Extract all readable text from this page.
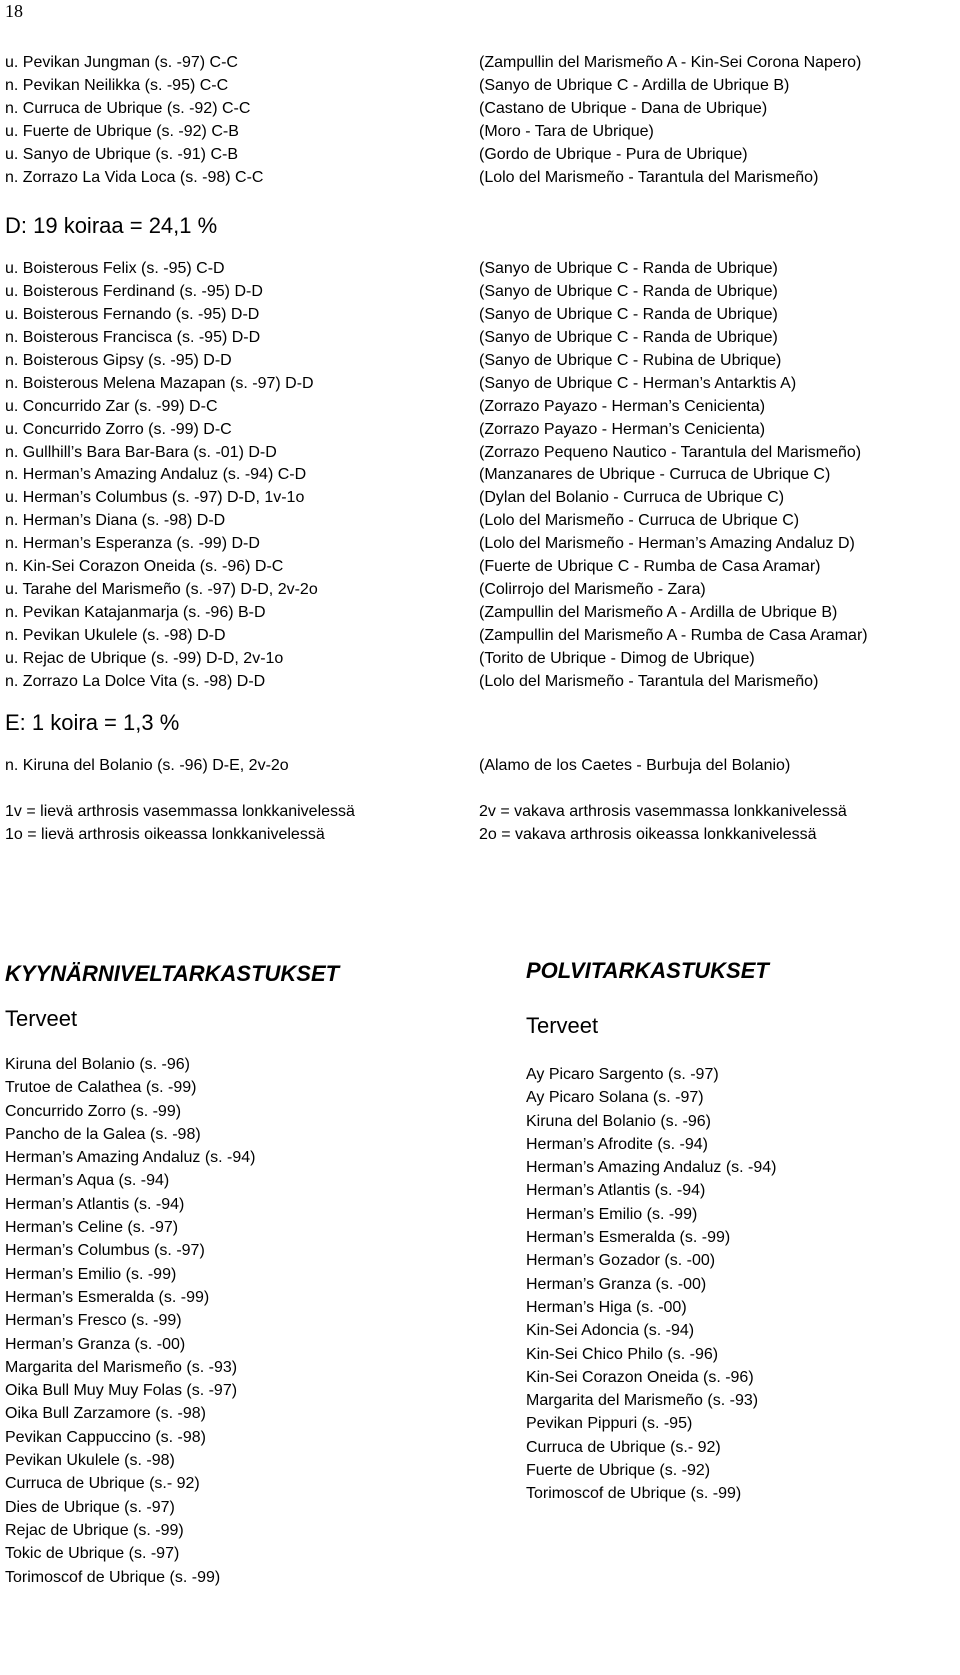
18
u. Pevikan Jungman (s. -97) C-C	(Zampullin del Marismeño A - Kin-Sei Corona Napero)
n. Pevikan Neilikka (s. -95) C-C	(Sanyo de Ubrique C - Ardilla de Ubrique B)
n. Curruca de Ubrique (s. -92) C-C	(Castano de Ubrique - Dana de Ubrique)
u. Fuerte de Ubrique (s. -92) C-B	(Moro - Tara de Ubrique)
u. Sanyo de Ubrique (s. -91) C-B	(Gordo de Ubrique - Pura de Ubrique)
n. Zorrazo La Vida Loca (s. -98) C-C	(Lolo del Marismeño - Tarantula del Marismeño)
D: 19 koiraa = 24,1 %
u. Boisterous Felix (s. -95) C-D	(Sanyo de Ubrique C - Randa de Ubrique)
u. Boisterous Ferdinand (s. -95) D-D	(Sanyo de Ubrique C - Randa de Ubrique)
u. Boisterous Fernando (s. -95) D-D	(Sanyo de Ubrique C - Randa de Ubrique)
n. Boisterous Francisca (s. -95) D-D	(Sanyo de Ubrique C - Randa de Ubrique)
n. Boisterous Gipsy (s. -95) D-D	(Sanyo de Ubrique C - Rubina de Ubrique)
n. Boisterous Melena Mazapan (s. -97) D-D	(Sanyo de Ubrique C - Herman’s Antarktis A)
u. Concurrido Zar (s. -99) D-C	(Zorrazo Payazo - Herman’s Cenicienta)
u. Concurrido Zorro (s. -99) D-C	(Zorrazo Payazo - Herman’s Cenicienta)
n. Gullhill’s Bara Bar-Bara (s. -01) D-D	(Zorrazo Pequeno Nautico - Tarantula del Marismeño)
n. Herman’s Amazing Andaluz (s. -94) C-D	(Manzanares de Ubrique - Curruca de Ubrique C)
u. Herman’s Columbus (s. -97) D-D, 1v-1o	(Dylan del Bolanio - Curruca de Ubrique C)
n. Herman’s Diana (s. -98) D-D	(Lolo del Marismeño - Curruca de Ubrique C)
n. Herman’s Esperanza (s. -99) D-D	(Lolo del Marismeño - Herman’s Amazing Andaluz D)
n. Kin-Sei Corazon Oneida (s. -96) D-C	(Fuerte de Ubrique C - Rumba de Casa Aramar)
u. Tarahe del Marismeño (s. -97) D-D, 2v-2o	(Colirrojo del Marismeño - Zara)
n. Pevikan Katajanmarja (s. -96) B-D	(Zampullin del Marismeño A - Ardilla de Ubrique B)
n. Pevikan Ukulele (s. -98) D-D	(Zampullin del Marismeño A - Rumba de Casa Aramar)
u. Rejac de Ubrique (s. -99) D-D, 2v-1o	(Torito de Ubrique - Dimog de Ubrique)
n. Zorrazo La Dolce Vita (s. -98) D-D	(Lolo del Marismeño - Tarantula del Marismeño)
E: 1 koira = 1,3 %
n. Kiruna del Bolanio (s. -96) D-E, 2v-2o	(Alamo de los Caetes - Burbuja del Bolanio)
1v = lievä arthrosis vasemmassa lonkkanivelessä	2v = vakava arthrosis vasemmassa lonkkanivelessä
1o = lievä arthrosis oikeassa lonkkanivelessä	2o = vakava arthrosis oikeassa lonkkanivelessä
KYYNÄRNIVELTARKASTUKSET
Terveet
Kiruna del Bolanio (s. -96)
Trutoe de Calathea (s. -99)
Concurrido Zorro (s. -99)
Pancho de la Galea (s. -98)
Herman’s Amazing Andaluz (s. -94)
Herman’s Aqua (s. -94)
Herman’s Atlantis (s. -94)
Herman’s Celine (s. -97)
Herman’s Columbus (s. -97)
Herman’s Emilio (s. -99)
Herman’s Esmeralda (s. -99)
Herman’s Fresco (s. -99)
Herman’s Granza (s. -00)
Margarita del Marismeño (s. -93)
Oika Bull Muy Muy Folas (s. -97)
Oika Bull Zarzamore (s. -98)
Pevikan Cappuccino (s. -98)
Pevikan Ukulele (s. -98)
Curruca de Ubrique (s.- 92)
Dies de Ubrique (s. -97)
Rejac de Ubrique (s. -99)
Tokic de Ubrique (s. -97)
Torimoscof de Ubrique (s. -99)
POLVITARKASTUKSET
Terveet
Ay Picaro Sargento (s. -97)
Ay Picaro Solana (s. -97)
Kiruna del Bolanio (s. -96)
Herman’s Afrodite (s. -94)
Herman’s Amazing Andaluz (s. -94)
Herman’s Atlantis (s. -94)
Herman’s Emilio (s. -99)
Herman’s Esmeralda (s. -99)
Herman’s Gozador (s. -00)
Herman’s Granza (s. -00)
Herman’s Higa (s. -00)
Kin-Sei Adoncia (s. -94)
Kin-Sei Chico Philo (s. -96)
Kin-Sei Corazon Oneida (s. -96)
Margarita del Marismeño (s. -93)
Pevikan Pippuri (s. -95)
Curruca de Ubrique (s.- 92)
Fuerte de Ubrique (s. -92)
Torimoscof de Ubrique (s. -99)
